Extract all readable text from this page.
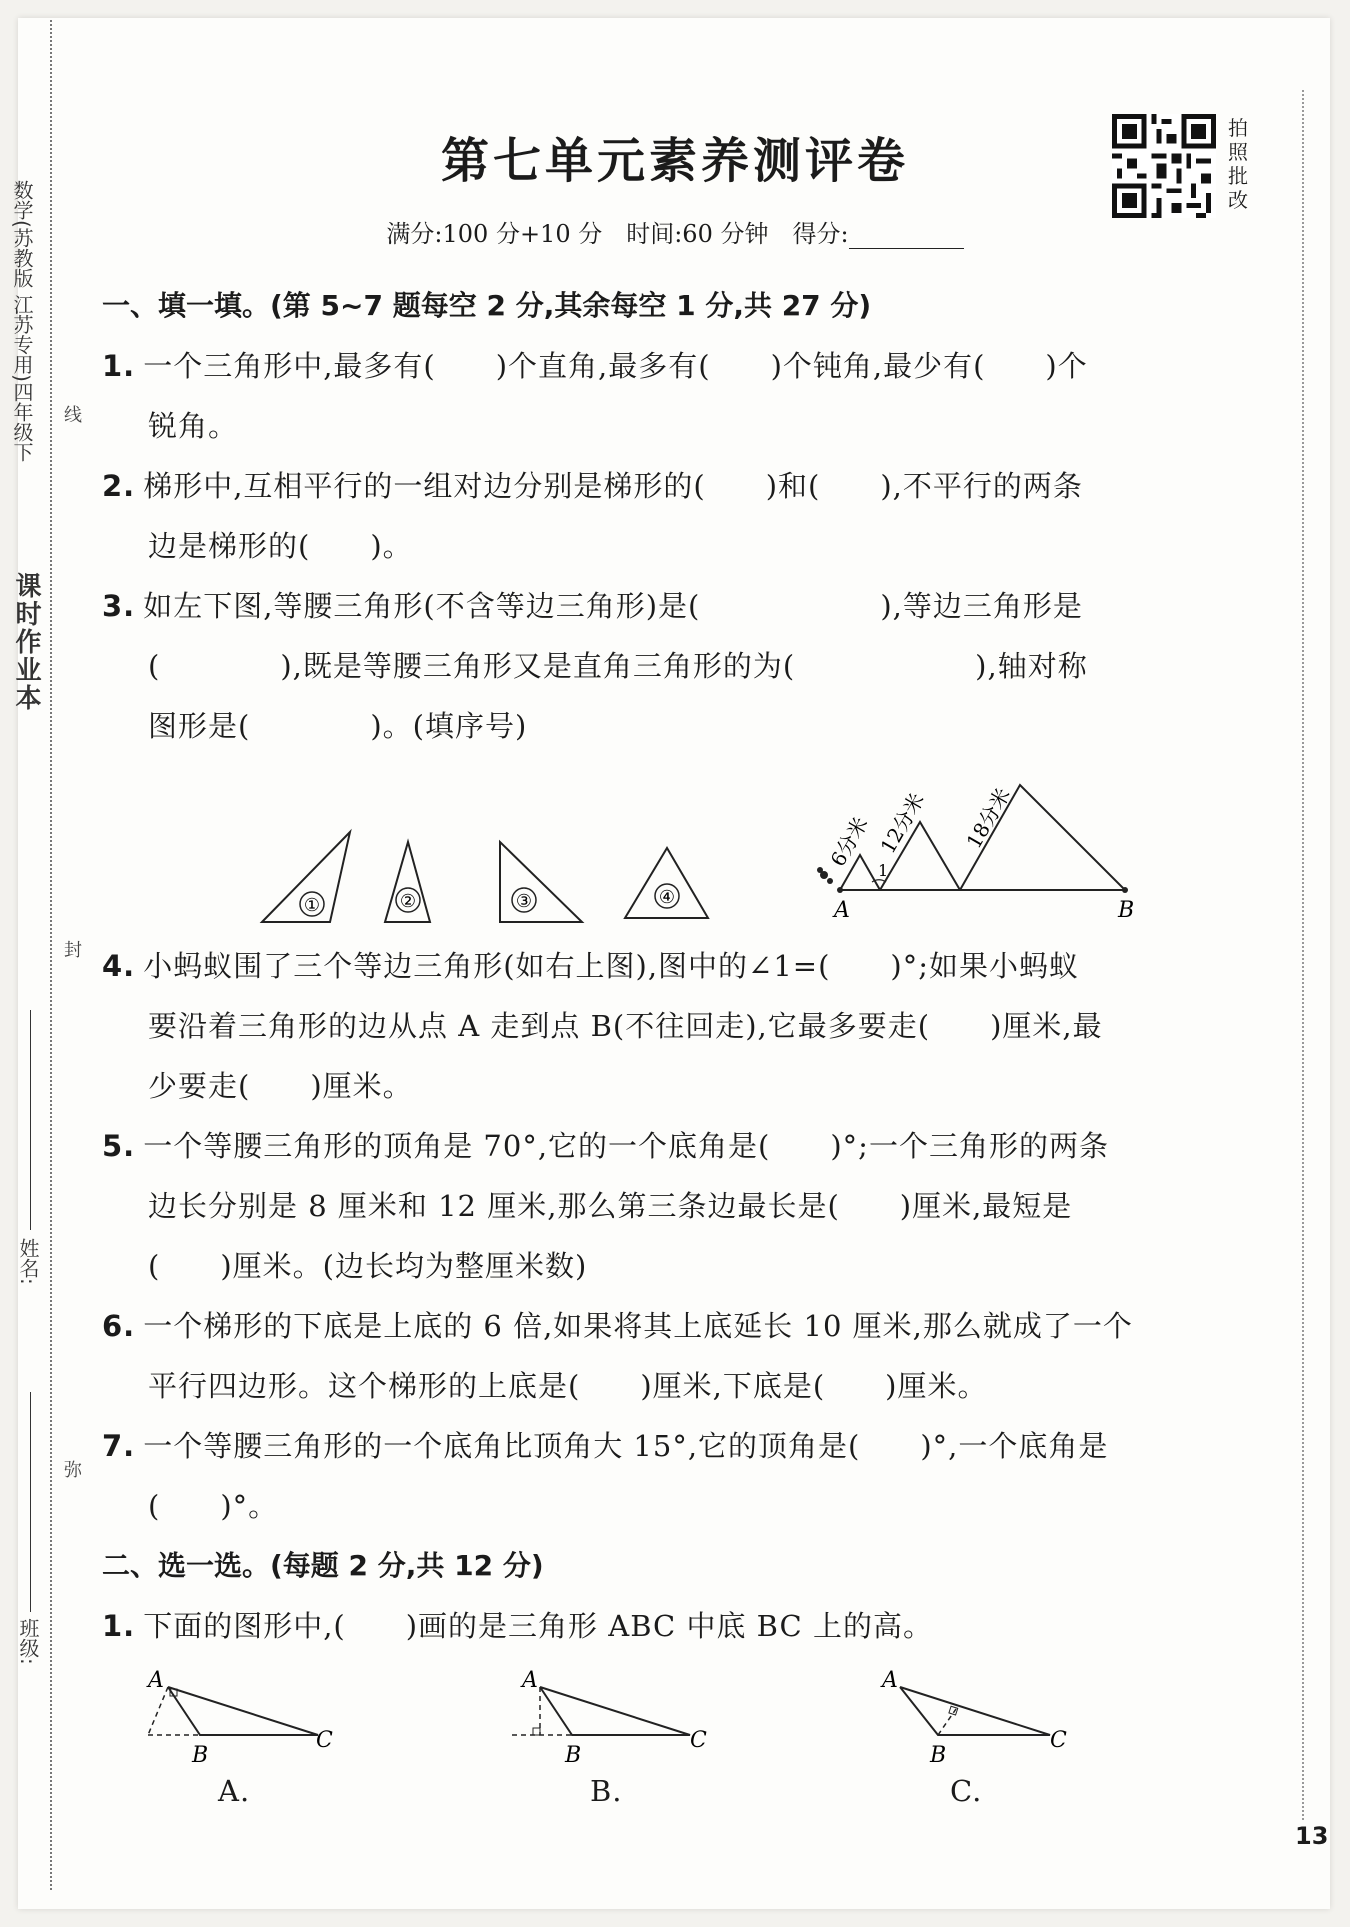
数学(苏教版 江苏专用)四年级下
课时作业本
线
封
弥
姓名:
班级:
第七单元素养测评卷
满分:100 分+10 分　时间:60 分钟　得分:
拍
照
批
改
一、填一填。(第 5~7 题每空 2 分,其余每空 1 分,共 27 分)
1. 一个三角形中,最多有(　　)个直角,最多有(　　)个钝角,最少有(　　)个
锐角。
2. 梯形中,互相平行的一组对边分别是梯形的(　　)和(　　),不平行的两条
边是梯形的(　　)。
3. 如左下图,等腰三角形(不含等边三角形)是(　　　　　　),等边三角形是
(　　　　),既是等腰三角形又是直角三角形的为(　　　　　　),轴对称
图形是(　　　　)。(填序号)
①	②	③	④
A	B
1
6分米 12分米 18分米
4. 小蚂蚁围了三个等边三角形(如右上图),图中的∠1=(　　)°;如果小蚂蚁
要沿着三角形的边从点 A 走到点 B(不往回走),它最多要走(　　)厘米,最
少要走(　　)厘米。
5. 一个等腰三角形的顶角是 70°,它的一个底角是(　　)°;一个三角形的两条
边长分别是 8 厘米和 12 厘米,那么第三条边最长是(　　)厘米,最短是
(　　)厘米。(边长均为整厘米数)
6. 一个梯形的下底是上底的 6 倍,如果将其上底延长 10 厘米,那么就成了一个
平行四边形。这个梯形的上底是(　　)厘米,下底是(　　)厘米。
7. 一个等腰三角形的一个底角比顶角大 15°,它的顶角是(　　)°,一个底角是
(　　)°。
二、选一选。(每题 2 分,共 12 分)
1. 下面的图形中,(　　)画的是三角形 ABC 中底 BC 上的高。
A
B
C
A.
A
B
C
B.
A
B
C
C.
13
